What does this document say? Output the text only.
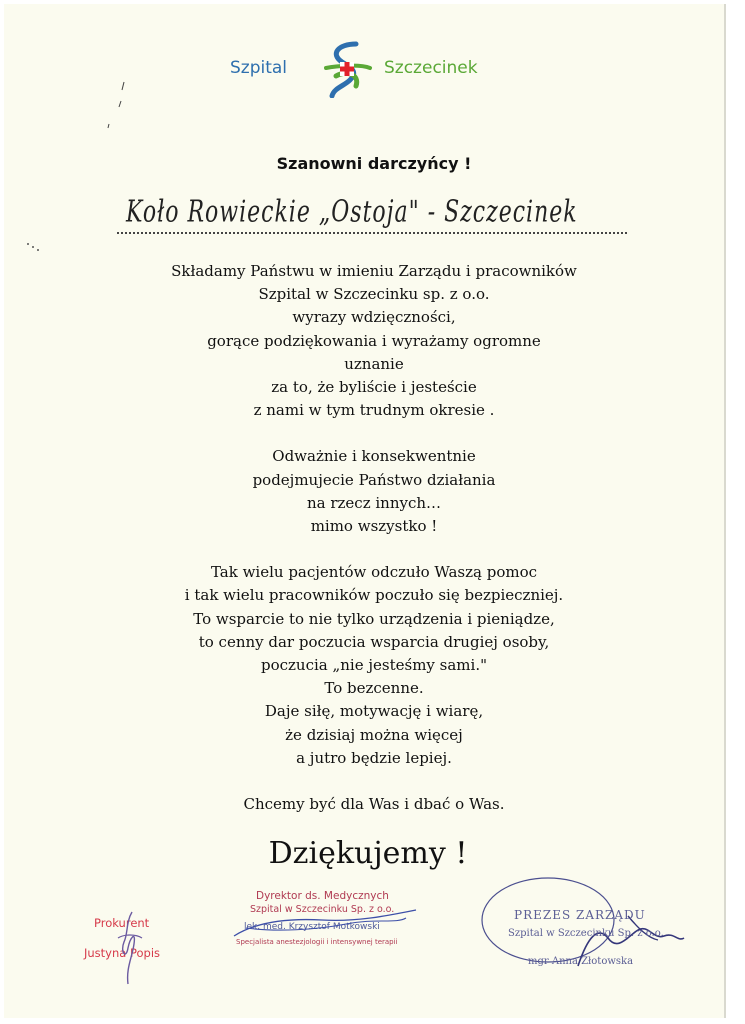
Szpital	Szczecinek
Szanowni darczyńcy !
Koło Rowieckie „Ostoja" - Szczecinek

Składamy Państwu w imieniu Zarządu i pracowników
Szpital w Szczecinku sp. z o.o.
wyrazy wdzięczności,
gorące podziękowania i wyrażamy ogromne
uznanie
za to, że byliście i jesteście
z nami w tym trudnym okresie .

Odważnie i konsekwentnie
podejmujecie Państwo działania
na rzecz innych…
mimo wszystko !

Tak wielu pacjentów odczuło Waszą pomoc
i tak wielu pracowników poczuło się bezpieczniej.
To wsparcie to nie tylko urządzenia i pieniądze,
to cenny dar poczucia wsparcia drugiej osoby,
poczucia „nie jesteśmy sami."
To bezcenne.
Daje siłę, motywację i wiarę,
że dzisiaj można więcej
a jutro będzie lepiej.

Chcemy być dla Was i dbać o Was.

Dziękujemy !
Prokurent
Justyna Popis
Dyrektor ds. Medycznych
Szpital w Szczecinku Sp. z o.o.
lek. med. Krzysztof Motkowski
Specjalista anestezjologii i intensywnej terapii
PREZES ZARZĄDU
Szpital w Szczecinku Sp. z o.o.
mgr Anna Złotowska
